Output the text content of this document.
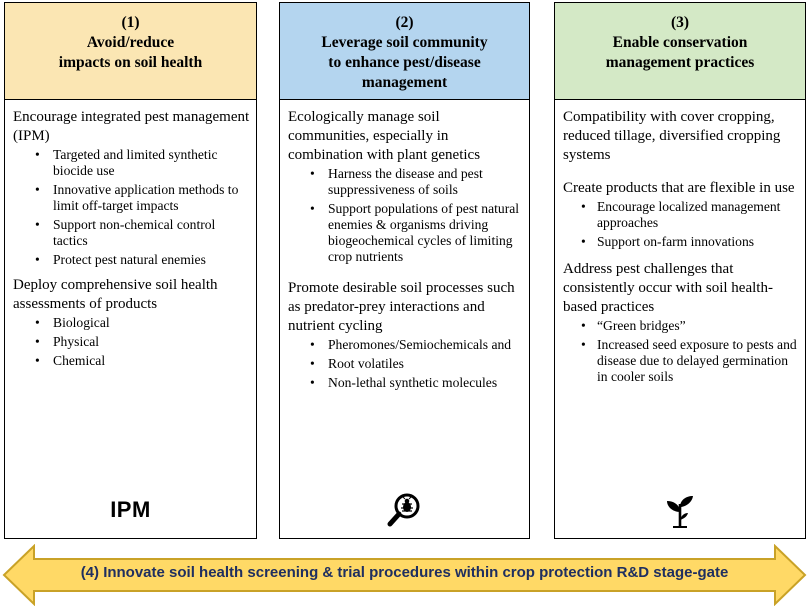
(1)
Avoid/reduce
impacts on soil health

Encourage integrated pest management (IPM)

• Targeted and limited synthetic biocide use
• Innovative application methods to limit off-target impacts
• Support non-chemical control tactics
• Protect pest natural enemies

Deploy comprehensive soil health assessments of products

• Biological
• Physical
• Chemical
IPM
(2)
Leverage soil community
to enhance pest/disease
management

Ecologically manage soil communities, especially in combination with plant genetics

• Harness the disease and pest suppressiveness of soils
• Support populations of pest natural enemies & organisms driving biogeochemical cycles of limiting crop nutrients

Promote desirable soil processes such as predator-prey interactions and nutrient cycling

• Pheromones/Semiochemicals and
• Root volatiles
• Non-lethal synthetic molecules
(3)
Enable conservation
management practices

Compatibility with cover cropping, reduced tillage, diversified cropping systems

Create products that are flexible in use

• Encourage localized management approaches
• Support on-farm innovations

Address pest challenges that consistently occur with soil health-based practices

• “Green bridges”
• Increased seed exposure to pests and disease due to delayed germination in cooler soils
(4) Innovate soil health screening & trial procedures within crop protection R&D stage-gate
